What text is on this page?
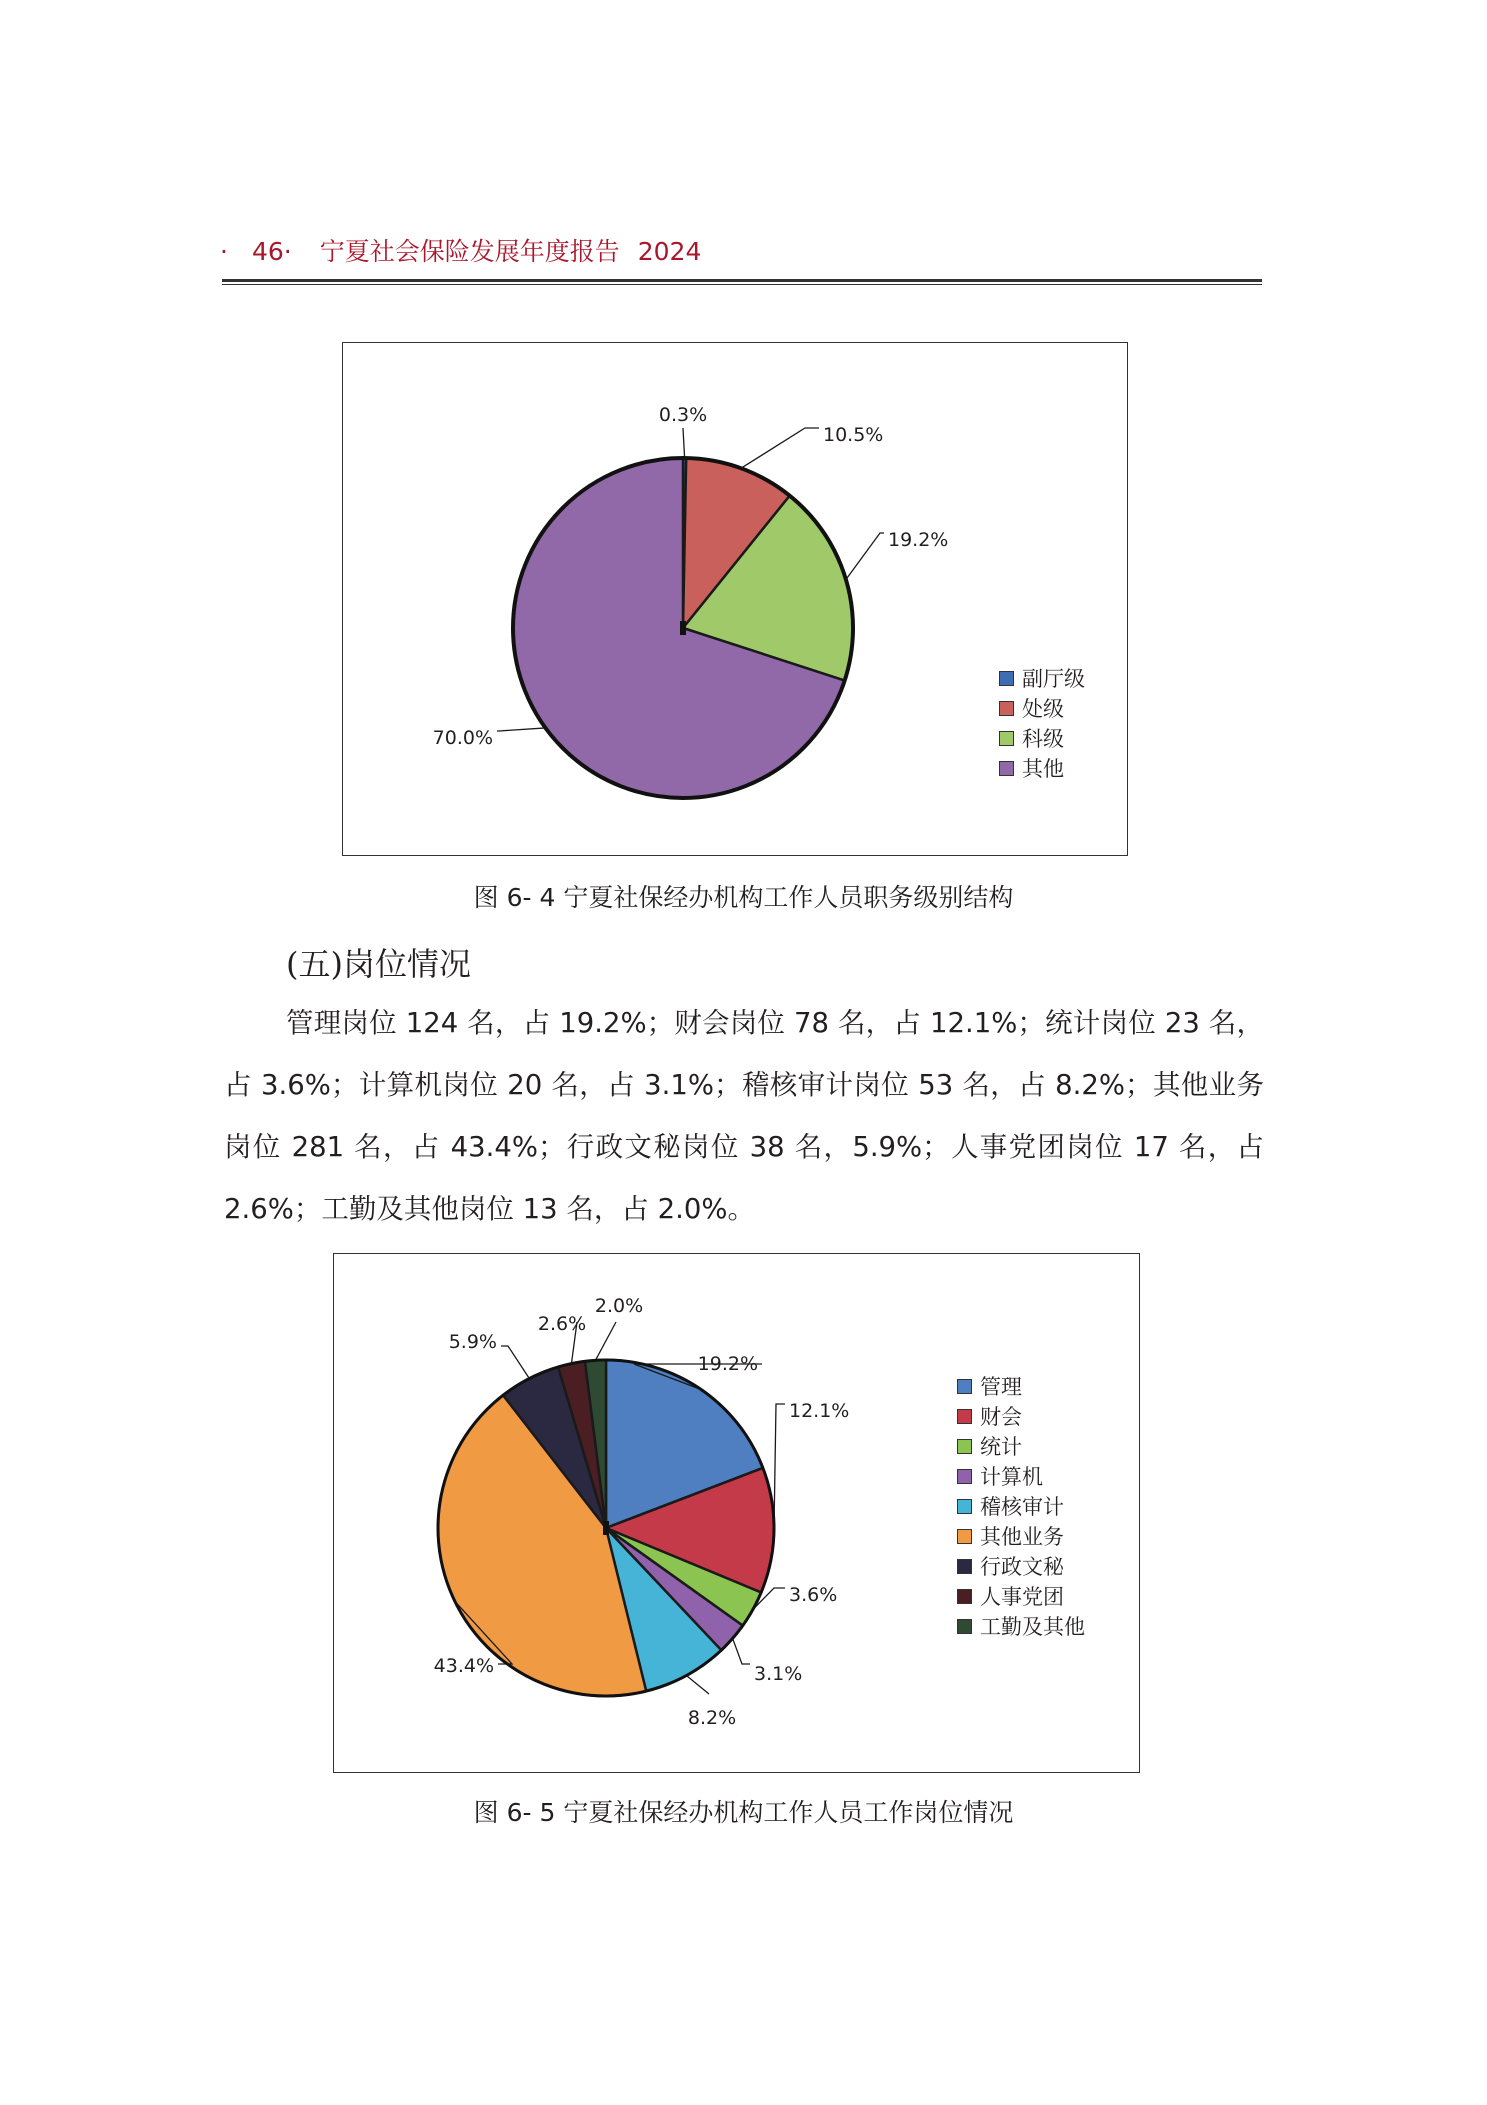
· 46· 宁夏社会保险发展年度报告 2024
0.3%
10.5%
19.2%
70.0%
副厅级
处级
科级
其他
图 6- 4 宁夏社保经办机构工作人员职务级别结构
(五)岗位情况
管理岗位 124 名，占 19.2%；财会岗位 78 名，占 12.1%；统计岗位 23 名，占 3.6%；计算机岗位 20 名，占 3.1%；稽核审计岗位 53 名，占 8.2%；其他业务岗位 281 名，占 43.4%；行政文秘岗位 38 名，5.9%；人事党团岗位 17 名，占 2.6%；工勤及其他岗位 13 名，占 2.0%。
19.2%
12.1%
3.6%
3.1%
8.2%
43.4%
5.9%
2.6%
2.0%
管理
财会
统计
计算机
稽核审计
其他业务
行政文秘
人事党团
工勤及其他
图 6- 5 宁夏社保经办机构工作人员工作岗位情况
